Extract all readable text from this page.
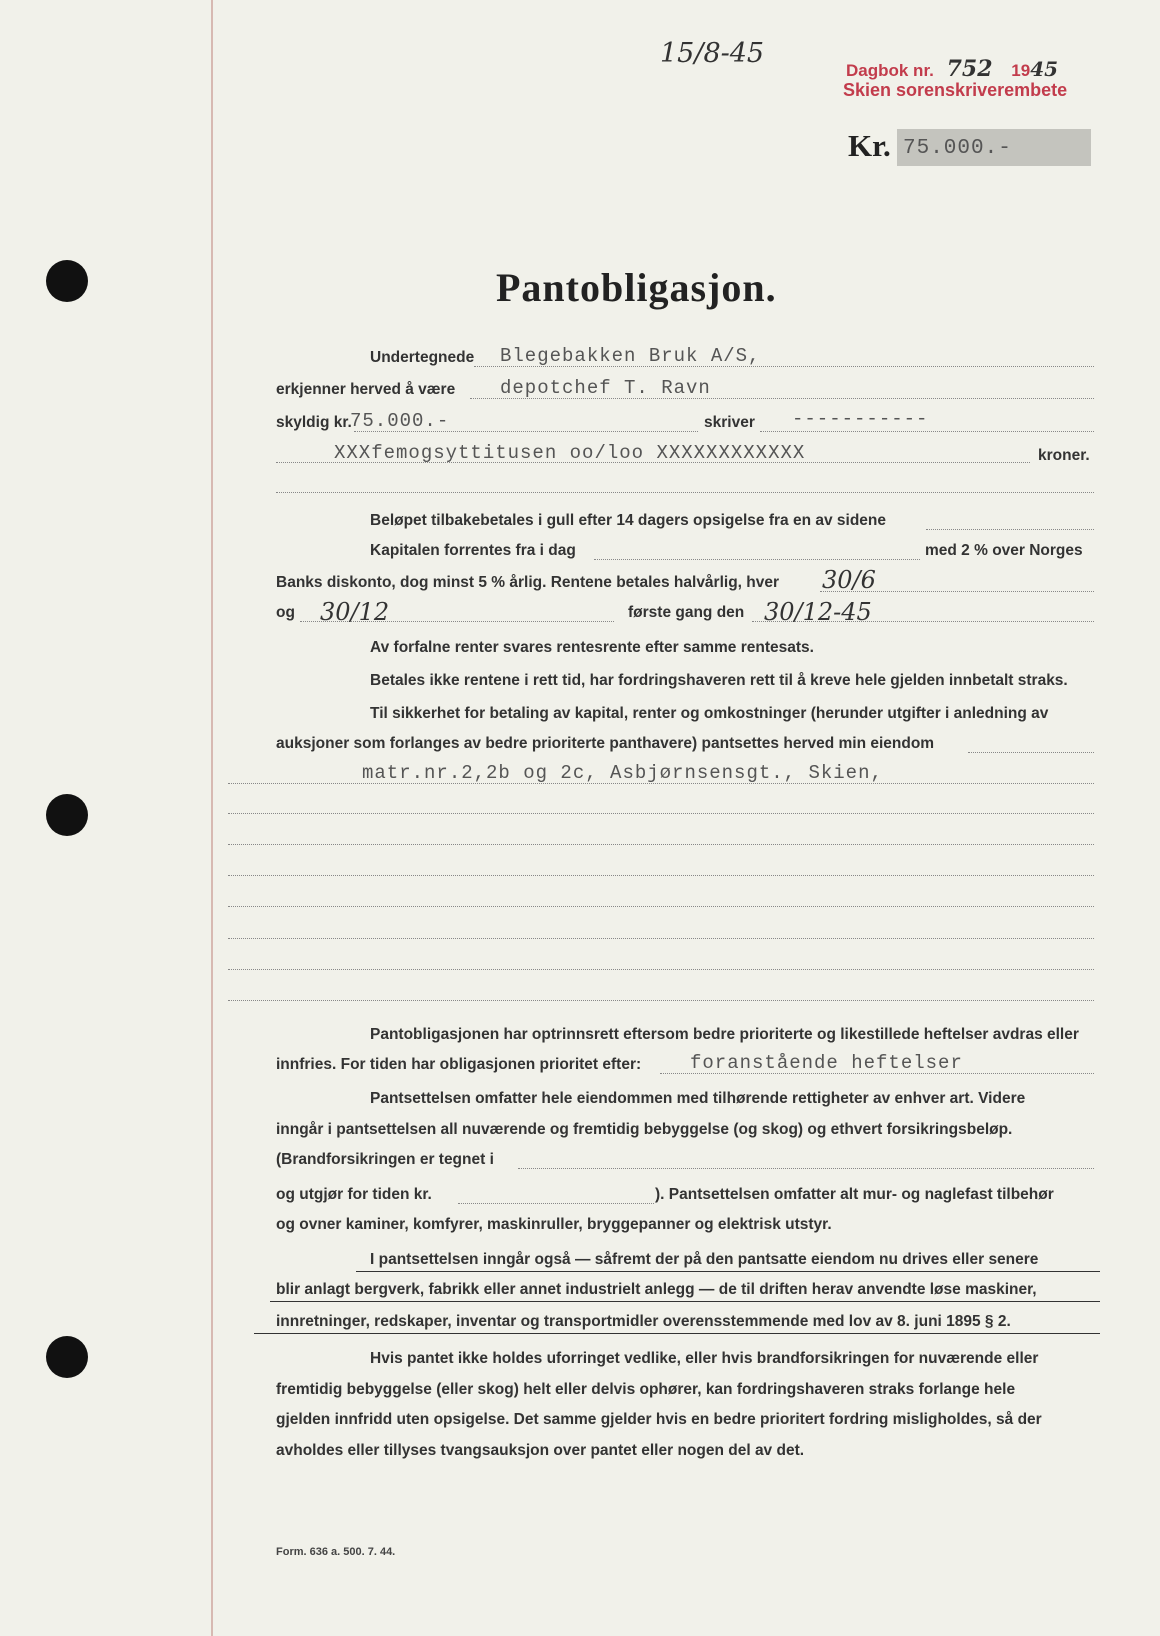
15/8-45
Dagbok nr. 752 1945
Skien sorenskriverembete
Kr. 75.000.-
Pantobligasjon.
Undertegnede Blegebakken Bruk A/S,
erkjenner herved å være depotchef T. Ravn
skyldig kr.
75.000.-	skriver -----------
XXXfemogsyttitusen oo/loo XXXXXXXXXXXX	kroner.
Beløpet tilbakebetales i gull efter 14 dagers opsigelse fra en av sidene
Kapitalen forrentes fra i dag	med 2 % over Norges
Banks diskonto, dog minst 5 % årlig. Rentene betales halvårlig, hver 30/6
og 30/12	første gang den 30/12-45
Av forfalne renter svares rentesrente efter samme rentesats.
Betales ikke rentene i rett tid, har fordringshaveren rett til å kreve hele gjelden innbetalt straks.
Til sikkerhet for betaling av kapital, renter og omkostninger (herunder utgifter i anledning av
auksjoner som forlanges av bedre prioriterte panthavere) pantsettes herved min eiendom
matr.nr.2,2b og 2c, Asbjørnsensgt., Skien,
Pantobligasjonen har optrinnsrett eftersom bedre prioriterte og likestillede heftelser avdras eller
innfries. For tiden har obligasjonen prioritet efter:	foranstående heftelser
Pantsettelsen omfatter hele eiendommen med tilhørende rettigheter av enhver art. Videre
inngår i pantsettelsen all nuværende og fremtidig bebyggelse (og skog) og ethvert forsikringsbeløp.
(Brandforsikringen er tegnet i
og utgjør for tiden kr.	). Pantsettelsen omfatter alt mur- og naglefast tilbehør
og ovner kaminer, komfyrer, maskinruller, bryggepanner og elektrisk utstyr.
I pantsettelsen inngår også — såfremt der på den pantsatte eiendom nu drives eller senere
blir anlagt bergverk, fabrikk eller annet industrielt anlegg — de til driften herav anvendte løse maskiner,
innretninger, redskaper, inventar og transportmidler overensstemmende med lov av 8. juni 1895 § 2.
Hvis pantet ikke holdes uforringet vedlike, eller hvis brandforsikringen for nuværende eller
fremtidig bebyggelse (eller skog) helt eller delvis ophører, kan fordringshaveren straks forlange hele
gjelden innfridd uten opsigelse. Det samme gjelder hvis en bedre prioritert fordring misligholdes, så der
avholdes eller tillyses tvangsauksjon over pantet eller nogen del av det.
Form. 636 a. 500. 7. 44.
